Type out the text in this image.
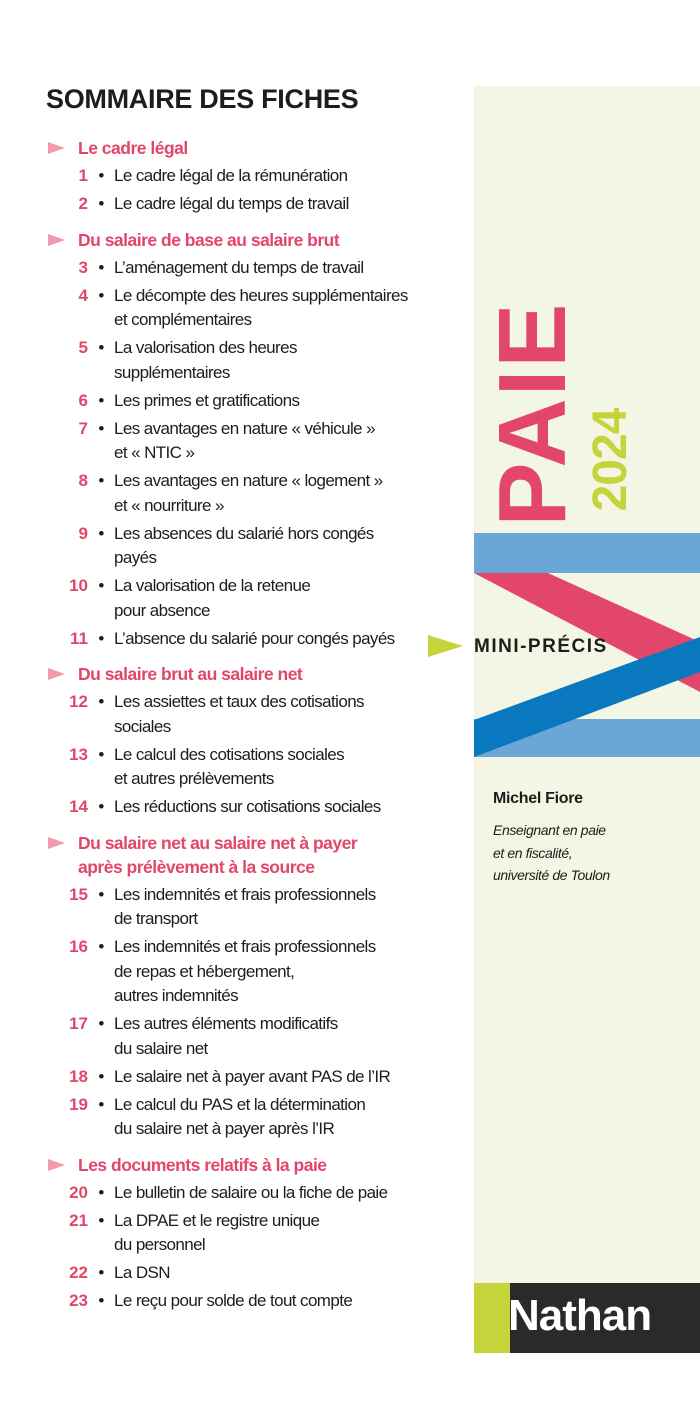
SOMMAIRE DES FICHES
Le cadre légal
1 • Le cadre légal de la rémunération
2 • Le cadre légal du temps de travail
Du salaire de base au salaire brut
3 • L’aménagement du temps de travail
4 • Le décompte des heures supplémentaires
et complémentaires
5 • La valorisation des heures
supplémentaires
6 • Les primes et gratifications
7 • Les avantages en nature « véhicule »
et « NTIC »
8 • Les avantages en nature « logement »
et « nourriture »
9 • Les absences du salarié hors congés
payés
10 • La valorisation de la retenue
pour absence
11 • L’absence du salarié pour congés payés
Du salaire brut au salaire net
12 • Les assiettes et taux des cotisations
sociales
13 • Le calcul des cotisations sociales
et autres prélèvements
14 • Les réductions sur cotisations sociales
Du salaire net au salaire net à payer
après prélèvement à la source
15 • Les indemnités et frais professionnels
de transport
16 • Les indemnités et frais professionnels
de repas et hébergement,
autres indemnités
17 • Les autres éléments modificatifs
du salaire net
18 • Le salaire net à payer avant PAS de l’IR
19 • Le calcul du PAS et la détermination
du salaire net à payer après l’IR
Les documents relatifs à la paie
20 • Le bulletin de salaire ou la fiche de paie
21 • La DPAE et le registre unique
du personnel
22 • La DSN
23 • Le reçu pour solde de tout compte
PAIE
2024
MINI-PRÉCIS
Michel Fiore
Enseignant en paie
et en fiscalité,
université de Toulon
Nathan
